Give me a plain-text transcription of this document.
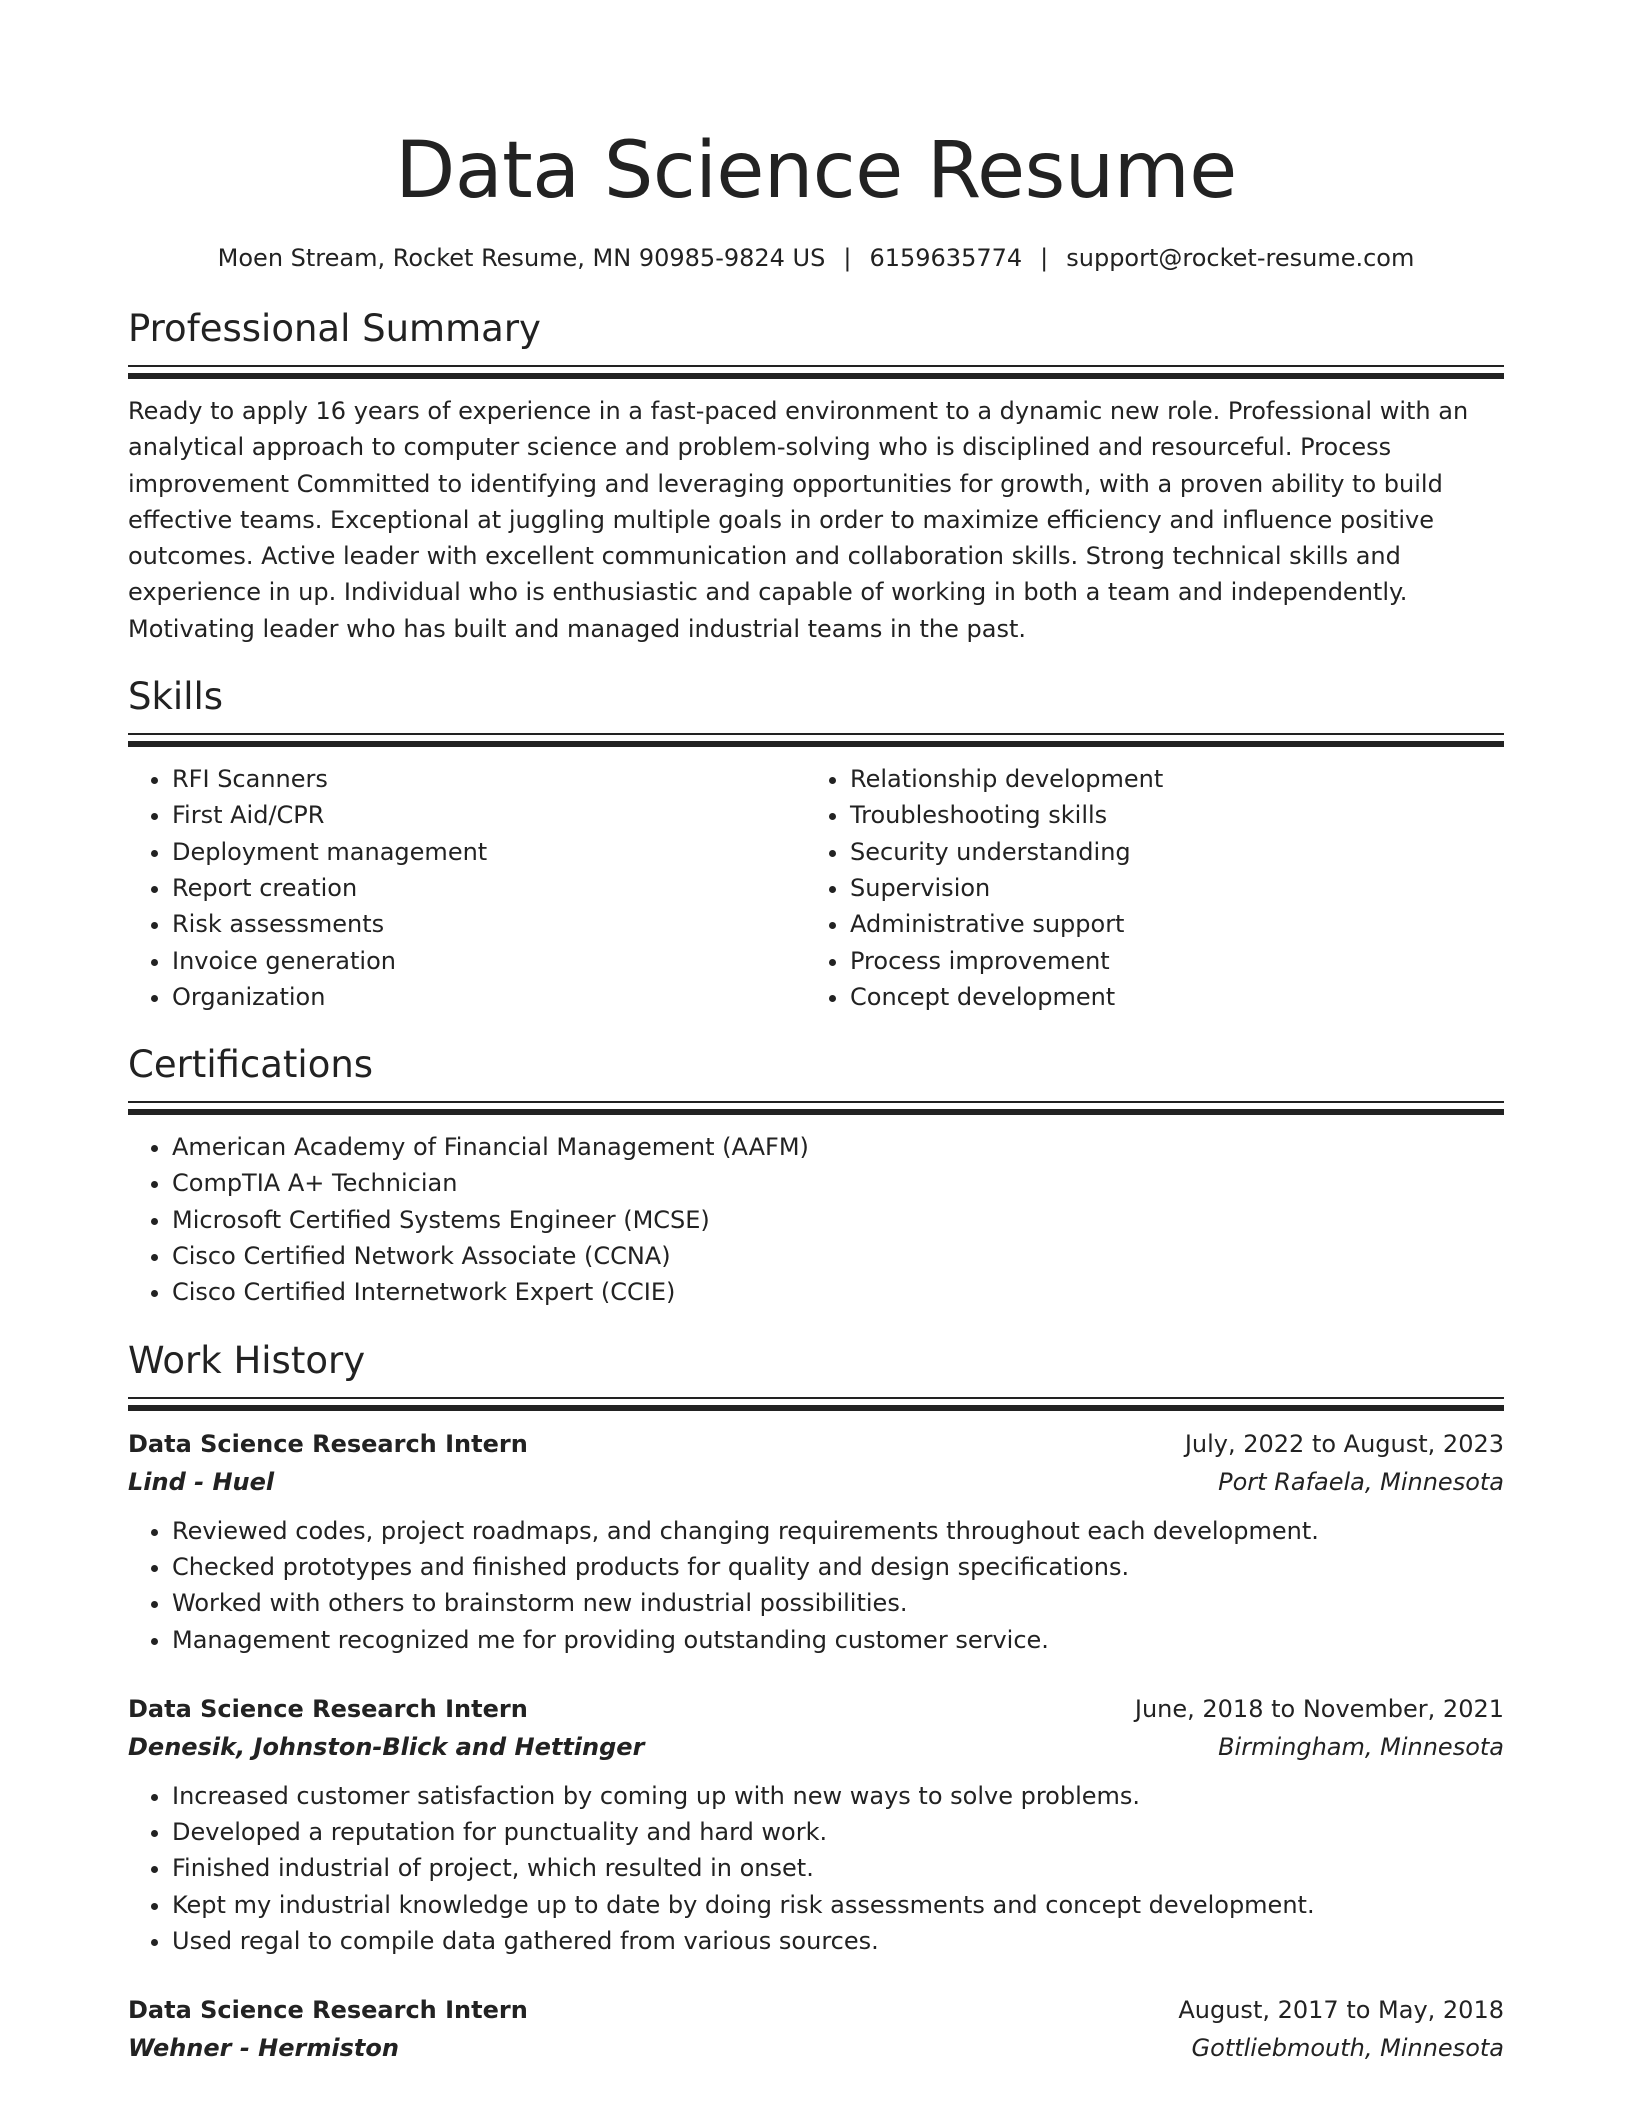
Data Science Resume
Moen Stream, Rocket Resume, MN 90985-9824 US | 6159635774 | support@rocket-resume.com
Professional Summary

Ready to apply 16 years of experience in a fast-paced environment to a dynamic new role. Professional with an analytical approach to computer science and problem-solving who is disciplined and resourceful. Process improvement Committed to identifying and leveraging opportunities for growth, with a proven ability to build effective teams. Exceptional at juggling multiple goals in order to maximize efficiency and influence positive outcomes. Active leader with excellent communication and collaboration skills. Strong technical skills and experience in up. Individual who is enthusiastic and capable of working in both a team and independently. Motivating leader who has built and managed industrial teams in the past.

Skills
• RFI Scanners
• First Aid/CPR
• Deployment management
• Report creation
• Risk assessments
• Invoice generation
• Organization
• Relationship development
• Troubleshooting skills
• Security understanding
• Supervision
• Administrative support
• Process improvement
• Concept development
Certifications
• American Academy of Financial Management (AAFM)
• CompTIA A+ Technician
• Microsoft Certified Systems Engineer (MCSE)
• Cisco Certified Network Associate (CCNA)
• Cisco Certified Internetwork Expert (CCIE)
Work History
Data Science Research Intern	July, 2022 to August, 2023
Lind - Huel	Port Rafaela, Minnesota
• Reviewed codes, project roadmaps, and changing requirements throughout each development.
• Checked prototypes and finished products for quality and design specifications.
• Worked with others to brainstorm new industrial possibilities.
• Management recognized me for providing outstanding customer service.
Data Science Research Intern	June, 2018 to November, 2021
Denesik, Johnston-Blick and Hettinger	Birmingham, Minnesota
• Increased customer satisfaction by coming up with new ways to solve problems.
• Developed a reputation for punctuality and hard work.
• Finished industrial of project, which resulted in onset.
• Kept my industrial knowledge up to date by doing risk assessments and concept development.
• Used regal to compile data gathered from various sources.
Data Science Research Intern	August, 2017 to May, 2018
Wehner - Hermiston	Gottliebmouth, Minnesota
